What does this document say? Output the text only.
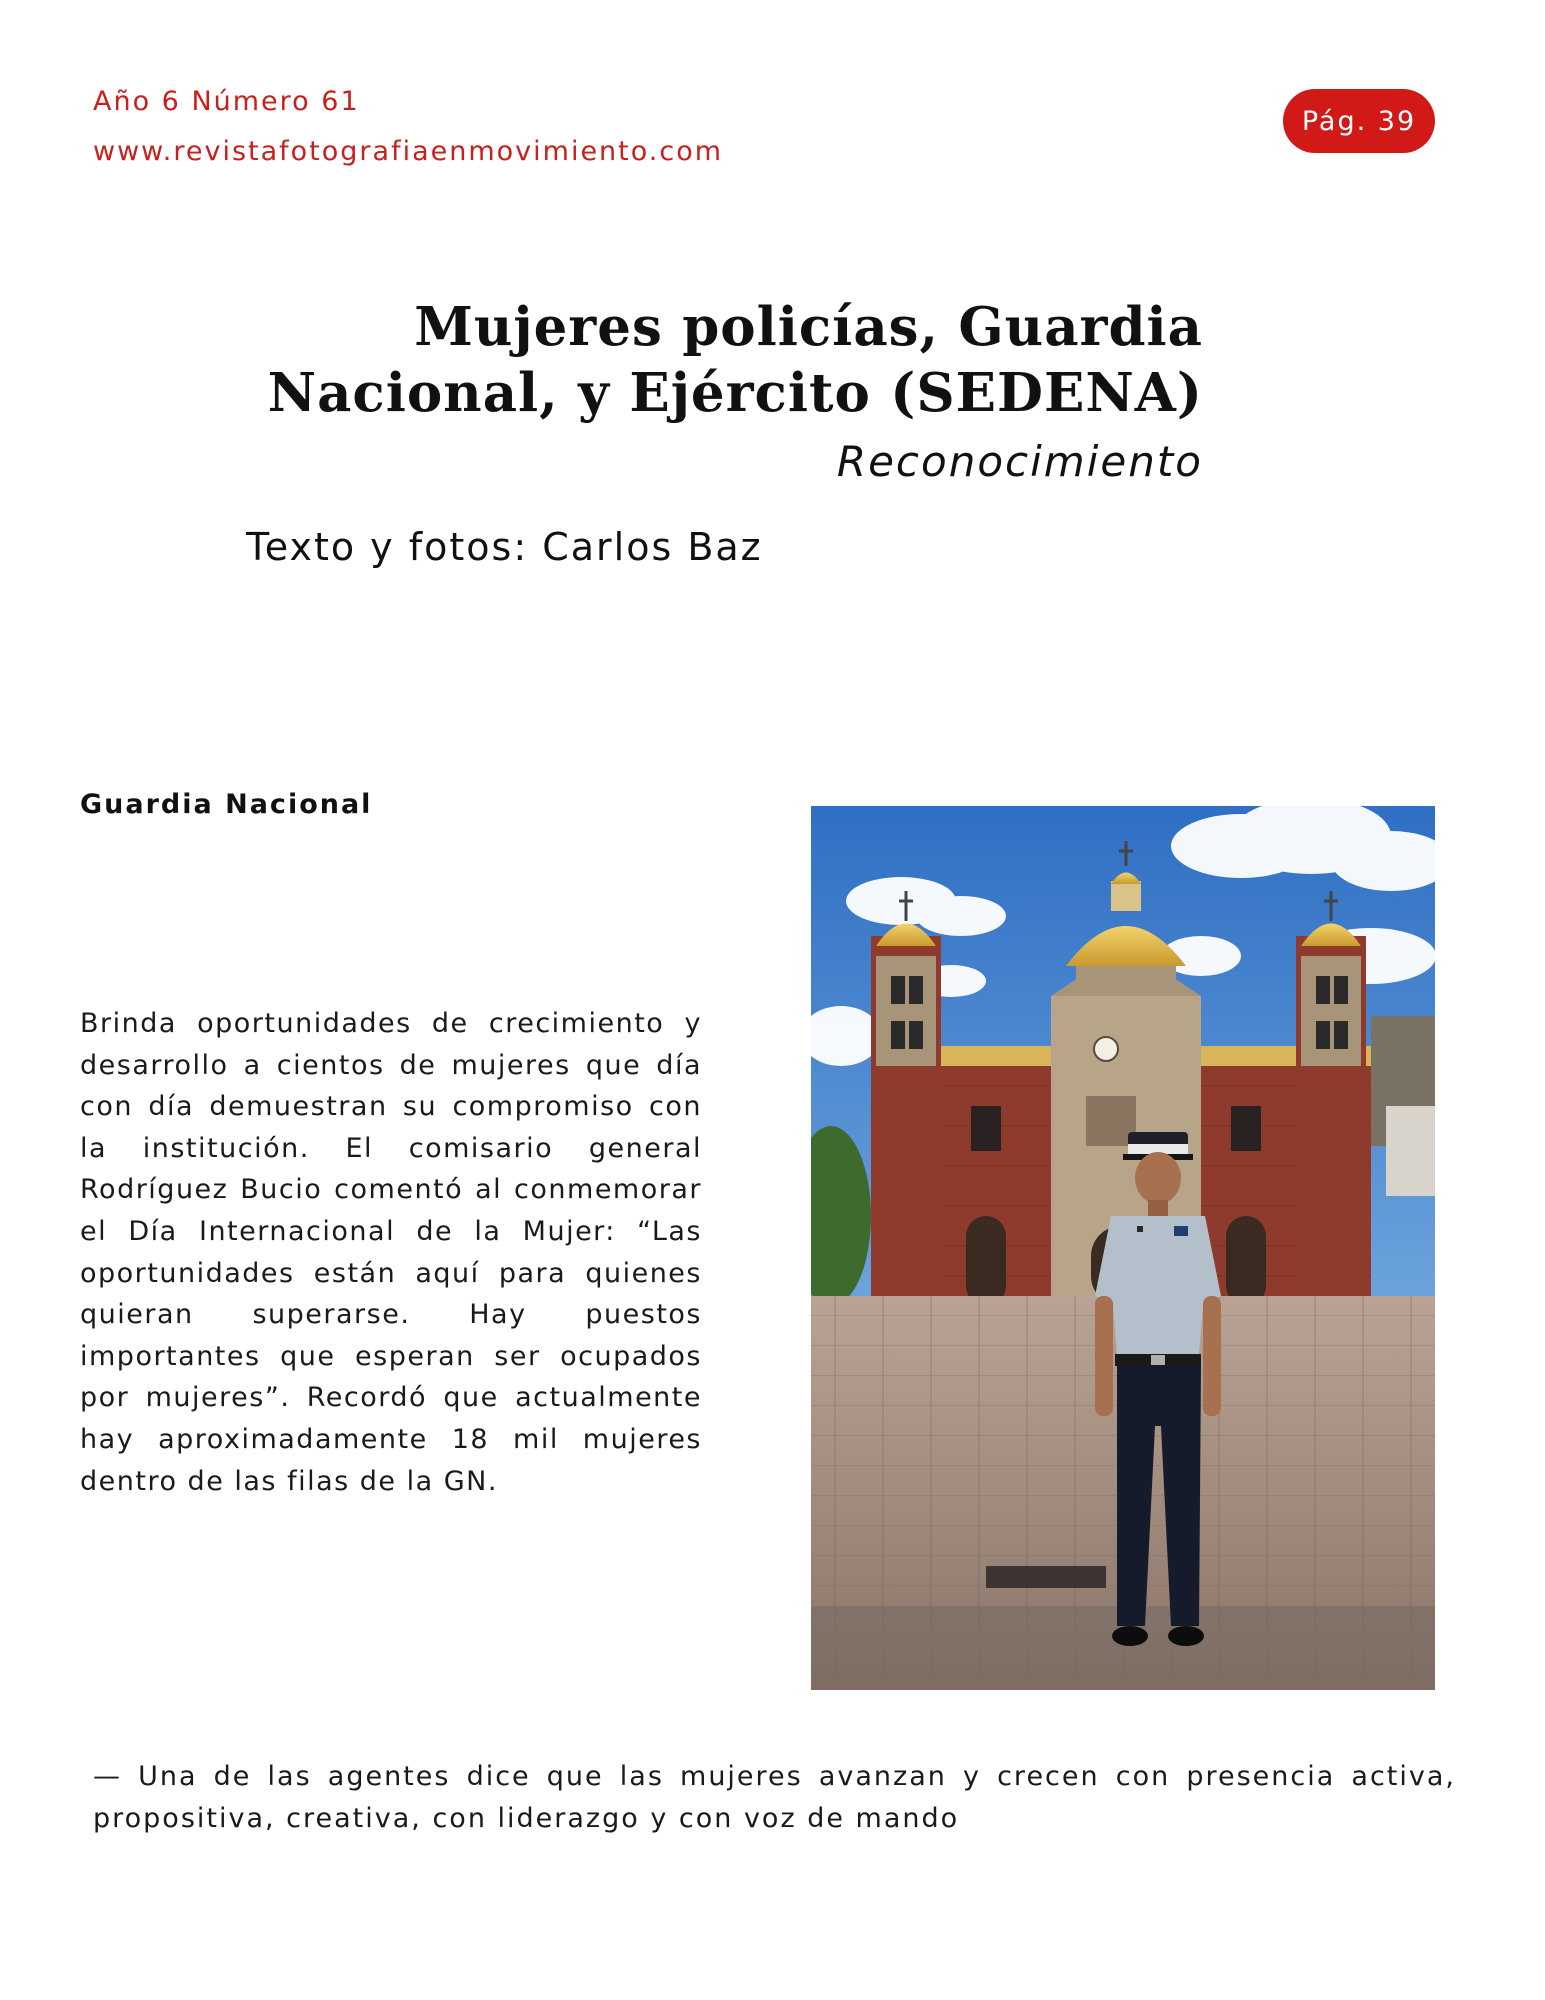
Año 6 Número 61
www.revistafotografiaenmovimiento.com
Pág. 39
Mujeres policías, Guardia
Nacional, y Ejército (SEDENA)
Reconocimiento
Texto y fotos: Carlos Baz
Guardia Nacional

Brinda oportunidades de crecimiento y desarrollo a cientos de mujeres que día con día demuestran su compromiso con la institución. El comisario general Rodríguez Bucio comentó al conmemorar el Día Internacional de la Mujer: “Las oportunidades están aquí para quienes quieran superarse. Hay puestos importantes que esperan ser ocupados por mujeres”. Recordó que actualmente hay aproximadamente 18 mil mujeres dentro de las filas de la GN.

— Una de las agentes dice que las mujeres avanzan y crecen con presencia activa, propositiva, creativa, con liderazgo y con voz de mando
